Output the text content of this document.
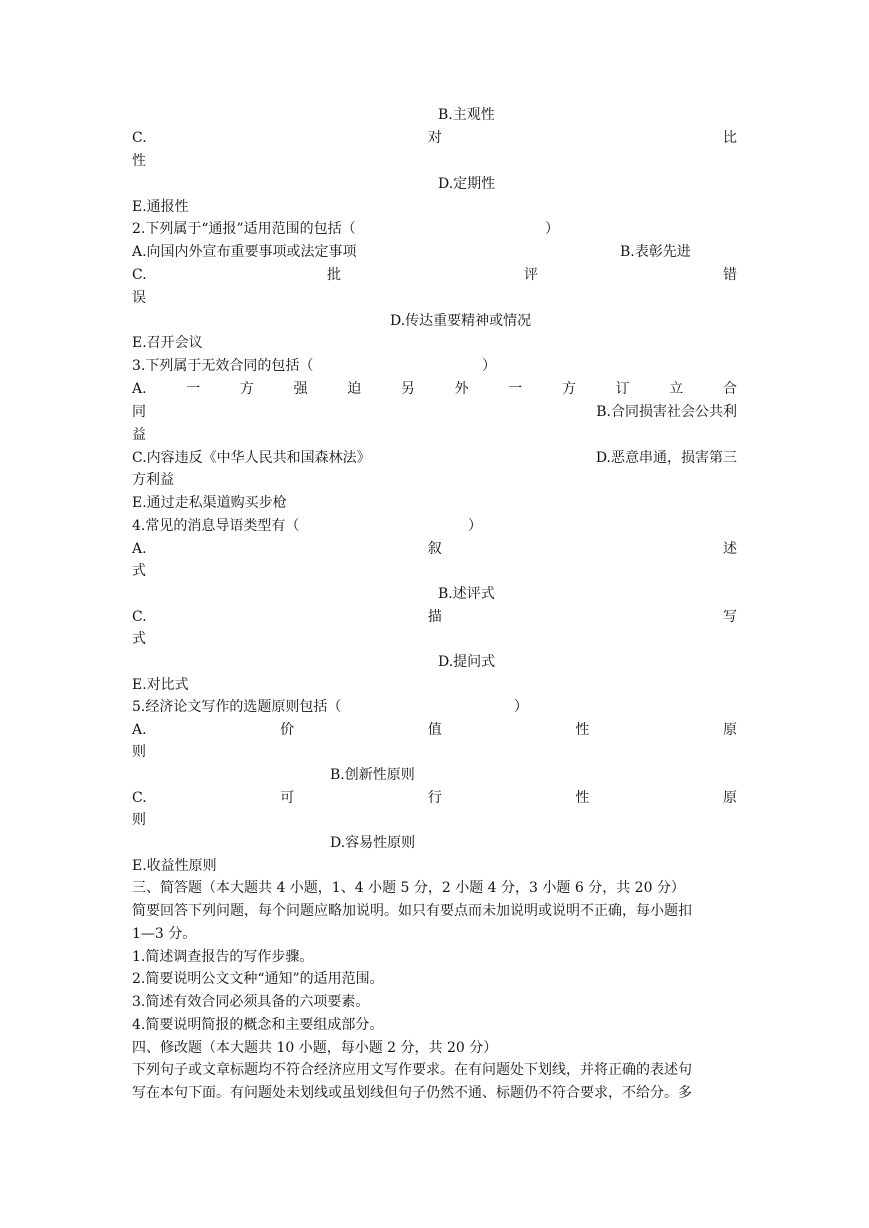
B.主观性
C.	对	比
性
D.定期性
E.通报性
2.下列属于“通报”适用范围的包括（	）
A.向国内外宣布重要事项或法定事项	B.表彰先进
C.	批	评	错
误
D.传达重要精神或情况
E.召开会议
3.下列属于无效合同的包括（	）
A.	一	方	强	迫	另	外	一	方	订	立	合
同	B.合同损害社会公共利
益
C.内容违反《中华人民共和国森林法》	D.恶意串通，损害第三
方利益
E.通过走私渠道购买步枪
4.常见的消息导语类型有（	）
A.	叙	述
式
B.述评式
C.	描	写
式
D.提问式
E.对比式
5.经济论文写作的选题原则包括（	）
A.	价	值	性	原
则
B.创新性原则
C.	可	行	性	原
则
D.容易性原则
E.收益性原则
三、简答题（本大题共 4 小题，1、4 小题 5 分，2 小题 4 分，3 小题 6 分，共 20 分）
简要回答下列问题，每个问题应略加说明。如只有要点而未加说明或说明不正确，每小题扣
1—3 分。
1.简述调查报告的写作步骤。
2.简要说明公文文种“通知”的适用范围。
3.简述有效合同必须具备的六项要素。
4.简要说明简报的概念和主要组成部分。
四、修改题（本大题共 10 小题，每小题 2 分，共 20 分）
下列句子或文章标题均不符合经济应用文写作要求。在有问题处下划线，并将正确的表述句
写在本句下面。有问题处未划线或虽划线但句子仍然不通、标题仍不符合要求，不给分。多
